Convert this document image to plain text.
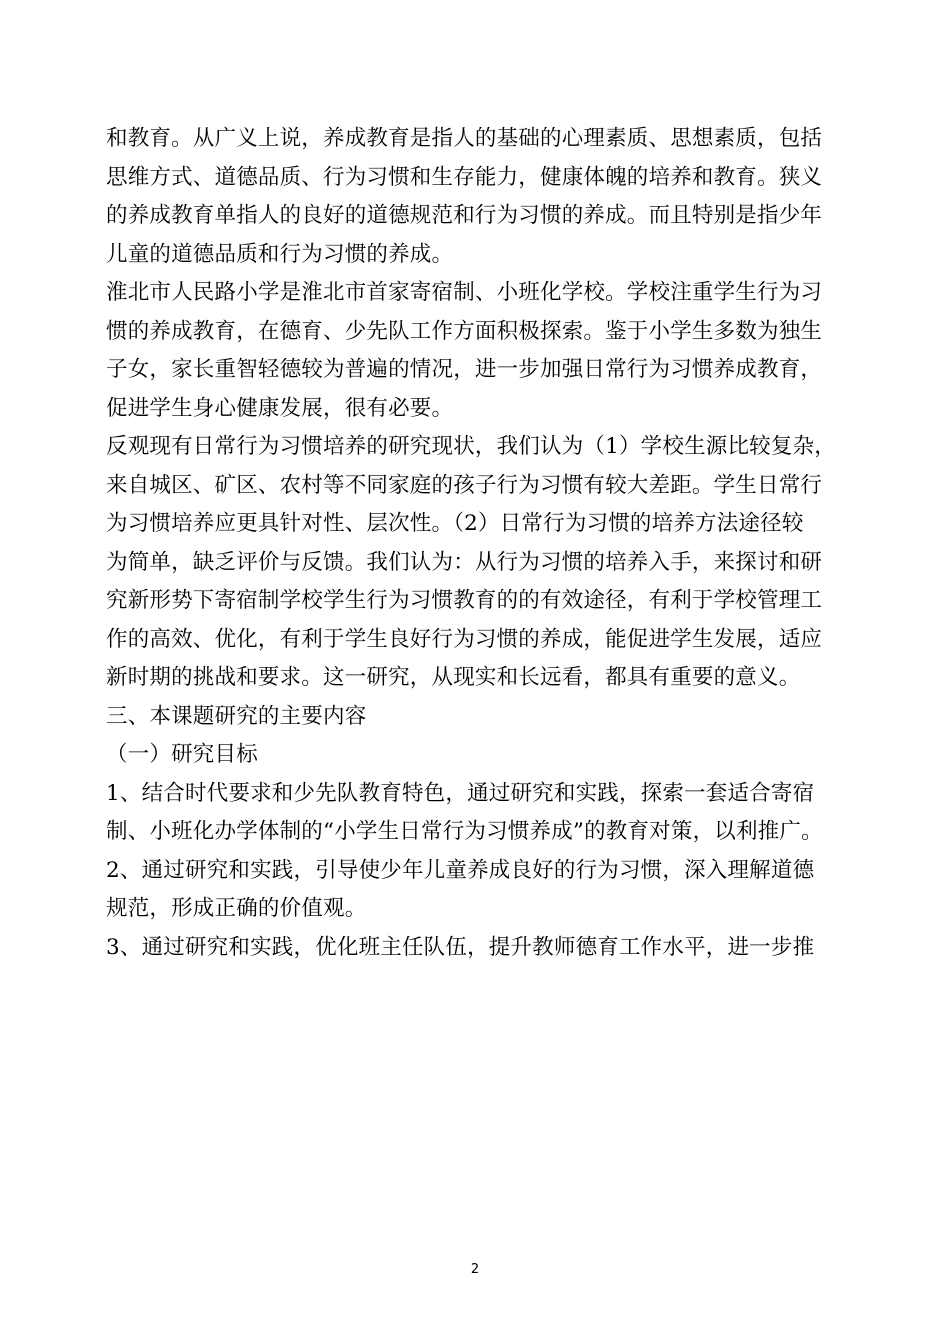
和教育。从广义上说，养成教育是指人的基础的心理素质、思想素质，包括
思维方式、道德品质、行为习惯和生存能力，健康体魄的培养和教育。狭义
的养成教育单指人的良好的道德规范和行为习惯的养成。而且特别是指少年
儿童的道德品质和行为习惯的养成。
淮北市人民路小学是淮北市首家寄宿制、小班化学校。学校注重学生行为习
惯的养成教育，在德育、少先队工作方面积极探索。鉴于小学生多数为独生
子女，家长重智轻德较为普遍的情况，进一步加强日常行为习惯养成教育，
促进学生身心健康发展，很有必要。
反观现有日常行为习惯培养的研究现状，我们认为（1）学校生源比较复杂，
来自城区、矿区、农村等不同家庭的孩子行为习惯有较大差距。学生日常行
为习惯培养应更具针对性、层次性。（2）日常行为习惯的培养方法途径较
为简单，缺乏评价与反馈。我们认为：从行为习惯的培养入手，来探讨和研
究新形势下寄宿制学校学生行为习惯教育的的有效途径，有利于学校管理工
作的高效、优化，有利于学生良好行为习惯的养成，能促进学生发展，适应
新时期的挑战和要求。这一研究，从现实和长远看，都具有重要的意义。
三、本课题研究的主要内容
（一）研究目标
1、结合时代要求和少先队教育特色，通过研究和实践，探索一套适合寄宿
制、小班化办学体制的“小学生日常行为习惯养成”的教育对策，以利推广。
2、通过研究和实践，引导使少年儿童养成良好的行为习惯，深入理解道德
规范，形成正确的价值观。
3、通过研究和实践，优化班主任队伍，提升教师德育工作水平，进一步推
2
